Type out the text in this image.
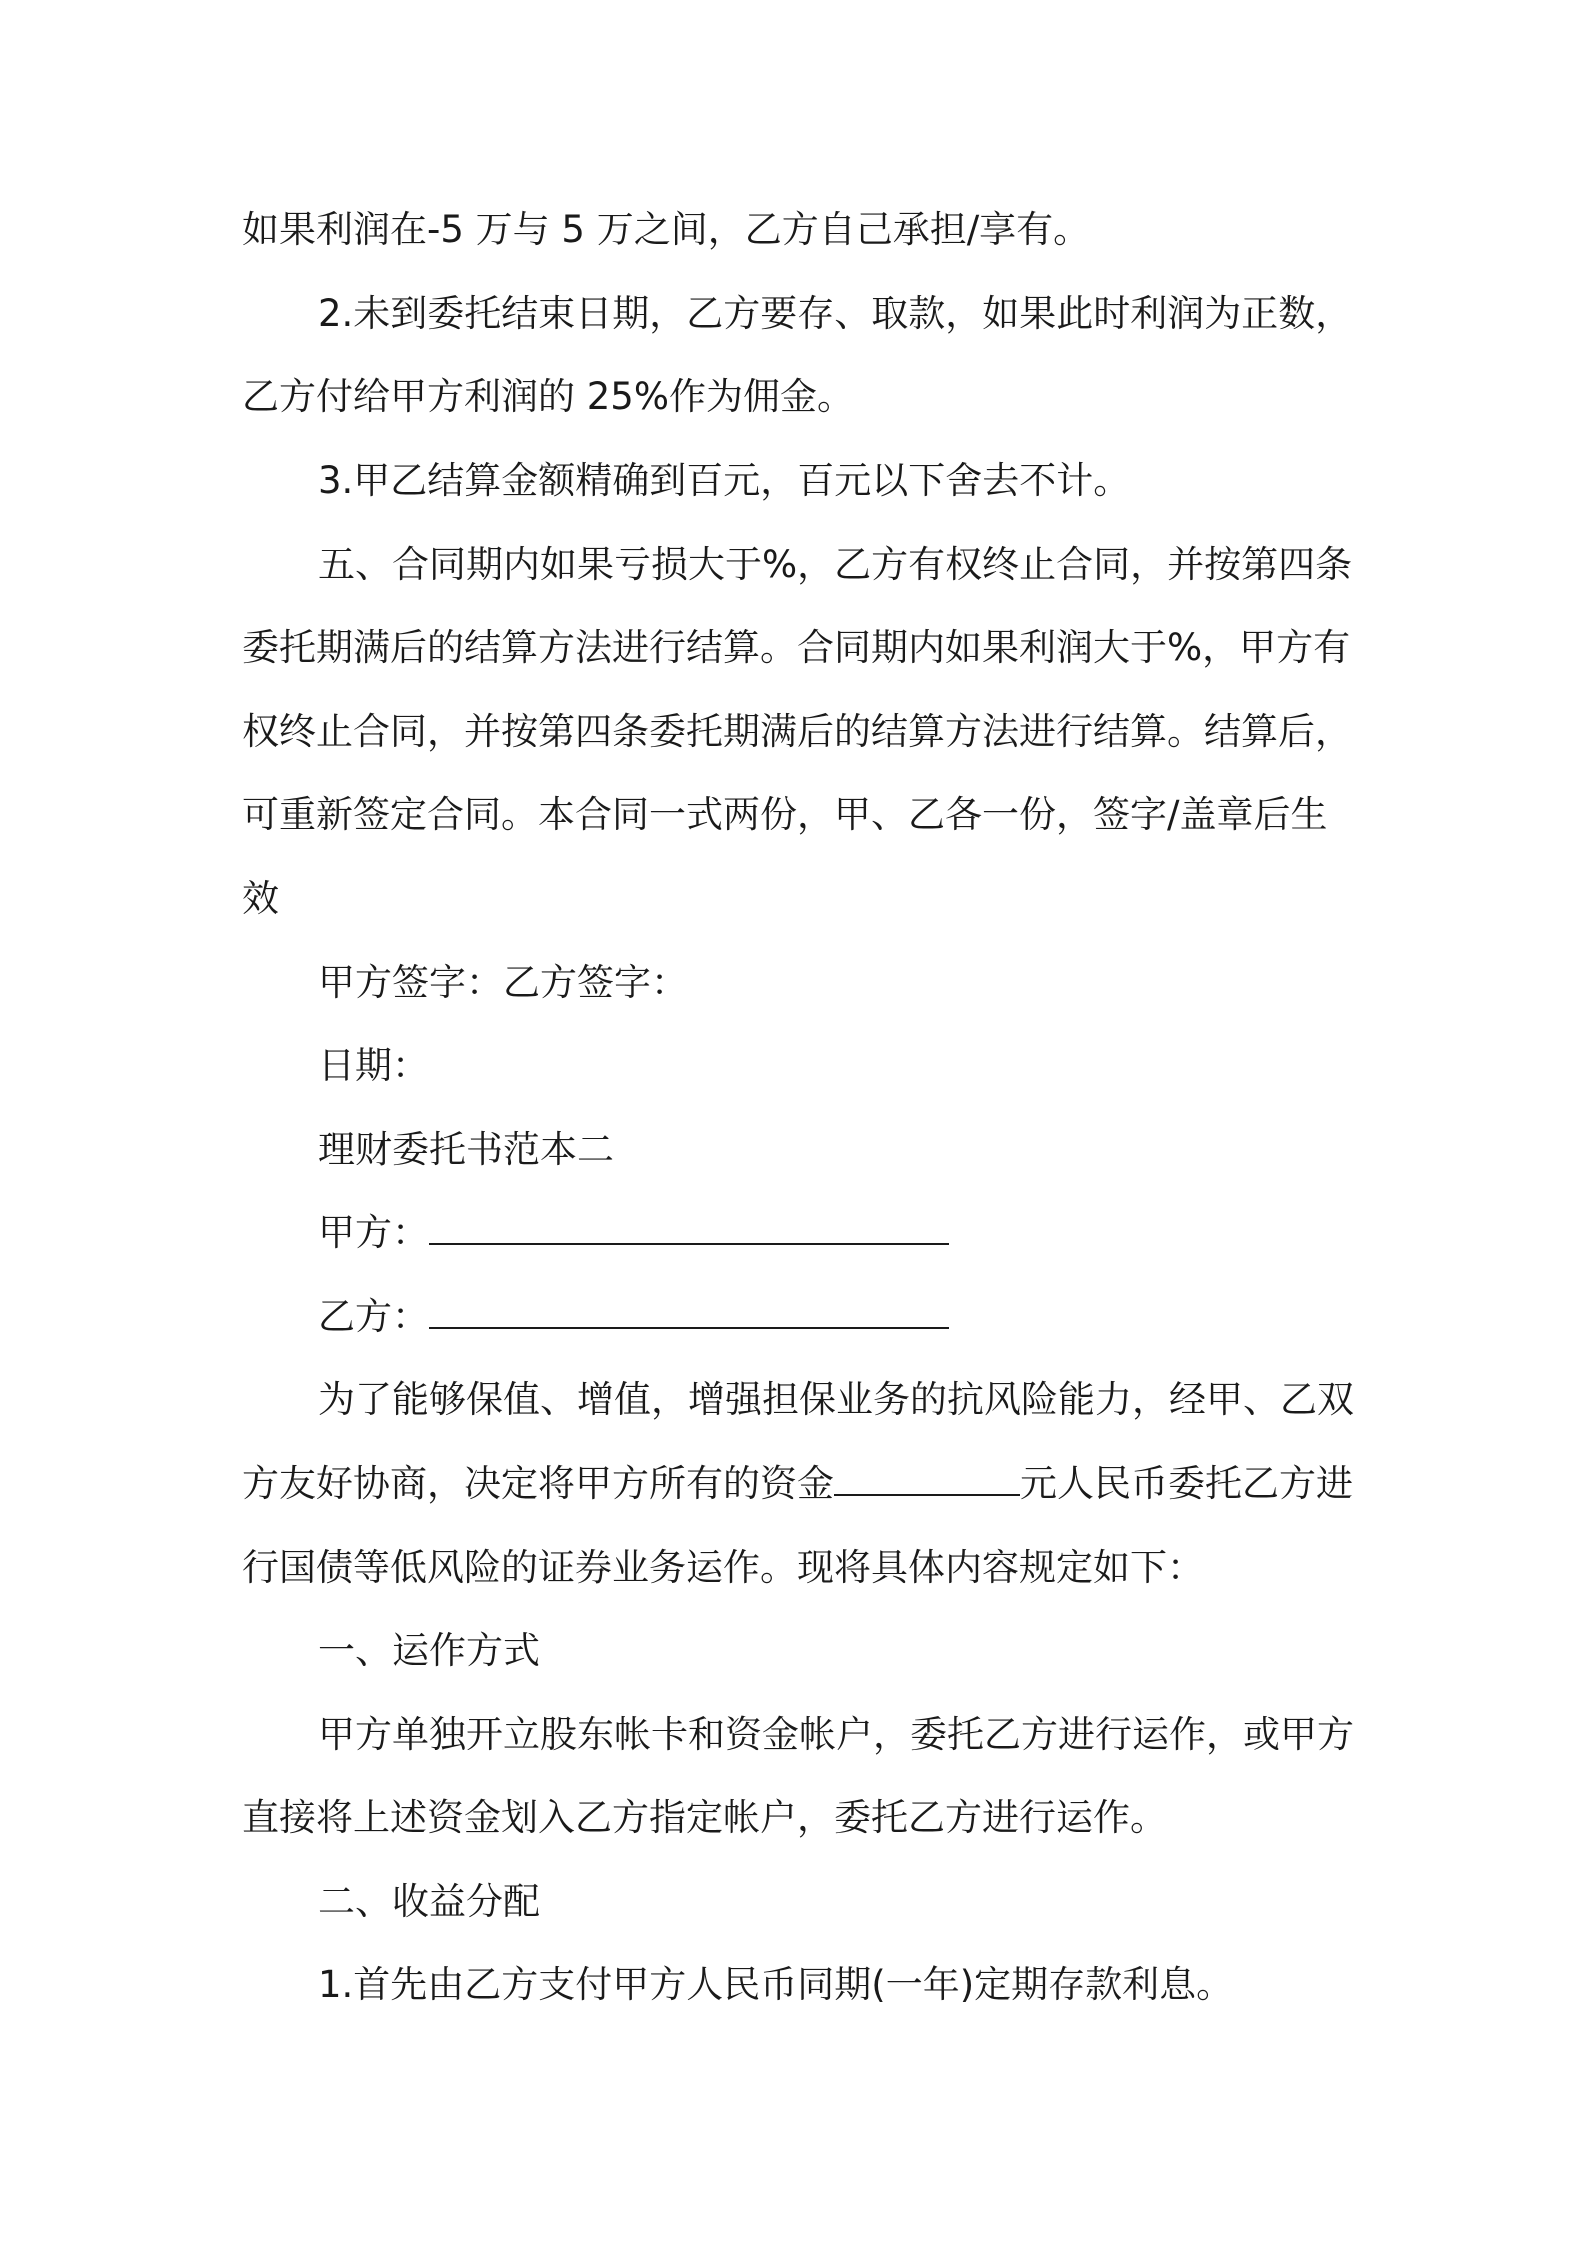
如果利润在-5 万与 5 万之间，乙方自己承担/享有。
2.未到委托结束日期，乙方要存、取款，如果此时利润为正数，
乙方付给甲方利润的 25%作为佣金。
3.甲乙结算金额精确到百元，百元以下舍去不计。
五、合同期内如果亏损大于%，乙方有权终止合同，并按第四条
委托期满后的结算方法进行结算。合同期内如果利润大于%，甲方有
权终止合同，并按第四条委托期满后的结算方法进行结算。结算后，
可重新签定合同。本合同一式两份，甲、乙各一份，签字/盖章后生
效
甲方签字：乙方签字：
日期：
理财委托书范本二
甲方：
乙方：
为了能够保值、增值，增强担保业务的抗风险能力，经甲、乙双
方友好协商，决定将甲方所有的资金	元人民币委托乙方进
行国债等低风险的证券业务运作。现将具体内容规定如下：
一、运作方式
甲方单独开立股东帐卡和资金帐户，委托乙方进行运作，或甲方
直接将上述资金划入乙方指定帐户，委托乙方进行运作。
二、收益分配
1.首先由乙方支付甲方人民币同期(一年)定期存款利息。
